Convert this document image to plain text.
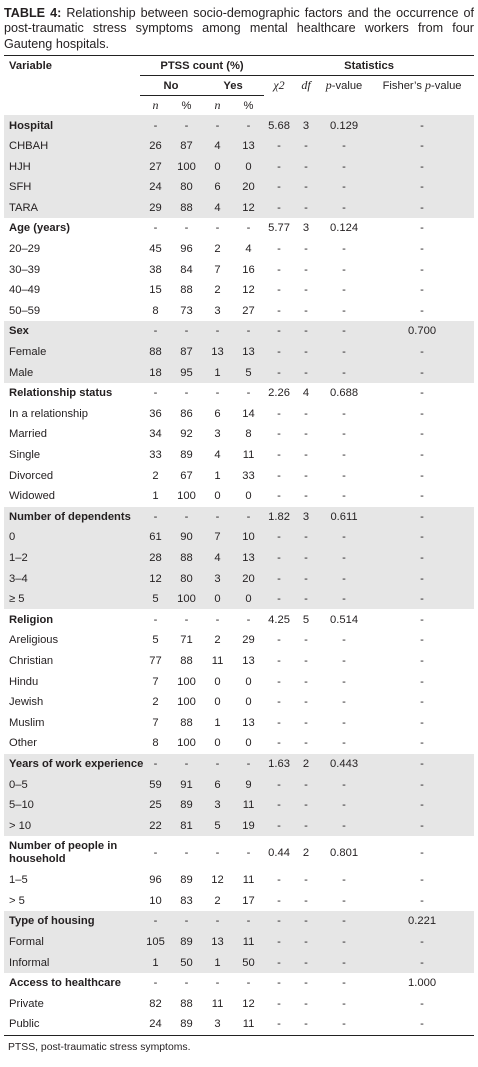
TABLE 4: Relationship between socio-demographic factors and the occurrence of post-traumatic stress symptoms among mental healthcare workers from four Gauteng hospitals.
Variable	PTSS count (%)				Statistics			
	No		Yes		χ2	df	p-value	Fisher’s p-value
	n	%	n	%				
Hospital	-	-	-	-	5.68	3	0.129	-
CHBAH	26	87	4	13	-	-	-	-
HJH	27	100	0	0	-	-	-	-
SFH	24	80	6	20	-	-	-	-
TARA	29	88	4	12	-	-	-	-
Age (years)	-	-	-	-	5.77	3	0.124	-
20–29	45	96	2	4	-	-	-	-
30–39	38	84	7	16	-	-	-	-
40–49	15	88	2	12	-	-	-	-
50–59	8	73	3	27	-	-	-	-
Sex	-	-	-	-	-	-	-	0.700
Female	88	87	13	13	-	-	-	-
Male	18	95	1	5	-	-	-	-
Relationship status	-	-	-	-	2.26	4	0.688	-
In a relationship	36	86	6	14	-	-	-	-
Married	34	92	3	8	-	-	-	-
Single	33	89	4	11	-	-	-	-
Divorced	2	67	1	33	-	-	-	-
Widowed	1	100	0	0	-	-	-	-
Number of dependents	-	-	-	-	1.82	3	0.611	-
0	61	90	7	10	-	-	-	-
1–2	28	88	4	13	-	-	-	-
3–4	12	80	3	20	-	-	-	-
≥ 5	5	100	0	0	-	-	-	-
Religion	-	-	-	-	4.25	5	0.514	-
Areligious	5	71	2	29	-	-	-	-
Christian	77	88	11	13	-	-	-	-
Hindu	7	100	0	0	-	-	-	-
Jewish	2	100	0	0	-	-	-	-
Muslim	7	88	1	13	-	-	-	-
Other	8	100	0	0	-	-	-	-
Years of work experience	-	-	-	-	1.63	2	0.443	-
0–5	59	91	6	9	-	-	-	-
5–10	25	89	3	11	-	-	-	-
> 10	22	81	5	19	-	-	-	-
Number of people in household	-	-	-	-	0.44	2	0.801	-
1–5	96	89	12	11	-	-	-	-
> 5	10	83	2	17	-	-	-	-
Type of housing	-	-	-	-	-	-	-	0.221
Formal	105	89	13	11	-	-	-	-
Informal	1	50	1	50	-	-	-	-
Access to healthcare	-	-	-	-	-	-	-	1.000
Private	82	88	11	12	-	-	-	-
Public	24	89	3	11	-	-	-	-
PTSS, post-traumatic stress symptoms.
